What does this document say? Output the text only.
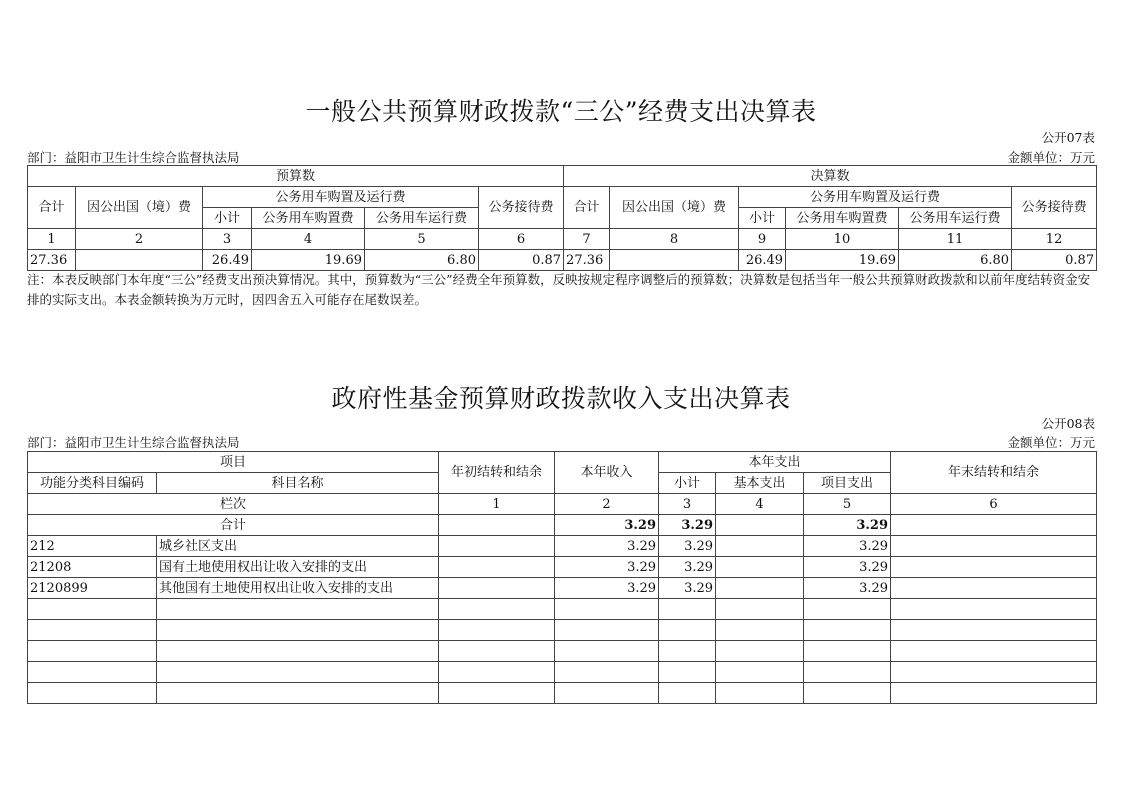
一般公共预算财政拨款“三公”经费支出决算表
公开07表
部门：益阳市卫生计生综合监督执法局	金额单位：万元
预算数						决算数					
合计	因公出国（境）费	公务用车购置及运行费			公务接待费	合计	因公出国（境）费	公务用车购置及运行费			公务接待费
		小计	公务用车购置费	公务用车运行费				小计	公务用车购置费	公务用车运行费	
1	2	3	4	5	6	7	8	9	10	11	12
27.36		26.49	19.69	6.80	0.87	27.36		26.49	19.69	6.80	0.87
注：本表反映部门本年度“三公”经费支出预决算情况。其中，预算数为“三公”经费全年预算数，反映按规定程序调整后的预算数；决算数是包括当年一般公共预算财政拨款和以前年度结转资金安排的实际支出。本表金额转换为万元时，因四舍五入可能存在尾数误差。
政府性基金预算财政拨款收入支出决算表
公开08表
部门：益阳市卫生计生综合监督执法局	金额单位：万元
项目		年初结转和结余	本年收入	本年支出			年末结转和结余
功能分类科目编码	科目名称			小计	基本支出	项目支出	
栏次		1	2	3	4	5	6
合计			3.29	3.29		3.29	
212	城乡社区支出		3.29	3.29		3.29	
21208	国有土地使用权出让收入安排的支出		3.29	3.29		3.29	
2120899	其他国有土地使用权出让收入安排的支出		3.29	3.29		3.29	
